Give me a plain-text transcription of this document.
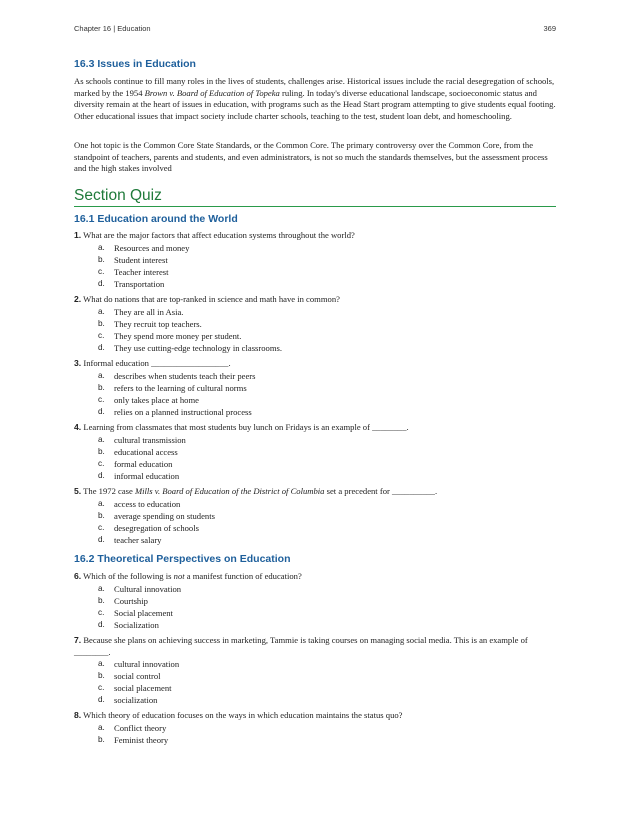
Chapter 16 | Education	369
16.3 Issues in Education

As schools continue to fill many roles in the lives of students, challenges arise. Historical issues include the racial desegregation of schools, marked by the 1954 Brown v. Board of Education of Topeka ruling. In today's diverse educational landscape, socioeconomic status and diversity remain at the heart of issues in education, with programs such as the Head Start program attempting to give students equal footing. Other educational issues that impact society include charter schools, teaching to the test, student loan debt, and homeschooling.

One hot topic is the Common Core State Standards, or the Common Core. The primary controversy over the Common Core, from the standpoint of teachers, parents and students, and even administrators, is not so much the standards themselves, but the assessment process and the high stakes involved

Section Quiz
16.1 Education around the World

1. What are the major factors that affect education systems throughout the world?

a.	Resources and money
b.	Student interest
c.	Teacher interest
d.	Transportation

2. What do nations that are top-ranked in science and math have in common?

a.	They are all in Asia.
b.	They recruit top teachers.
c.	They spend more money per student.
d.	They use cutting-edge technology in classrooms.

3. Informal education __________________.

a.	describes when students teach their peers
b.	refers to the learning of cultural norms
c.	only takes place at home
d.	relies on a planned instructional process

4. Learning from classmates that most students buy lunch on Fridays is an example of ________.

a.	cultural transmission
b.	educational access
c.	formal education
d.	informal education

5. The 1972 case Mills v. Board of Education of the District of Columbia set a precedent for __________.

a.	access to education
b.	average spending on students
c.	desegregation of schools
d.	teacher salary
16.2 Theoretical Perspectives on Education

6. Which of the following is not a manifest function of education?

a.	Cultural innovation
b.	Courtship
c.	Social placement
d.	Socialization

7. Because she plans on achieving success in marketing, Tammie is taking courses on managing social media. This is an example of ________.

a.	cultural innovation
b.	social control
c.	social placement
d.	socialization

8. Which theory of education focuses on the ways in which education maintains the status quo?

a.	Conflict theory
b.	Feminist theory
